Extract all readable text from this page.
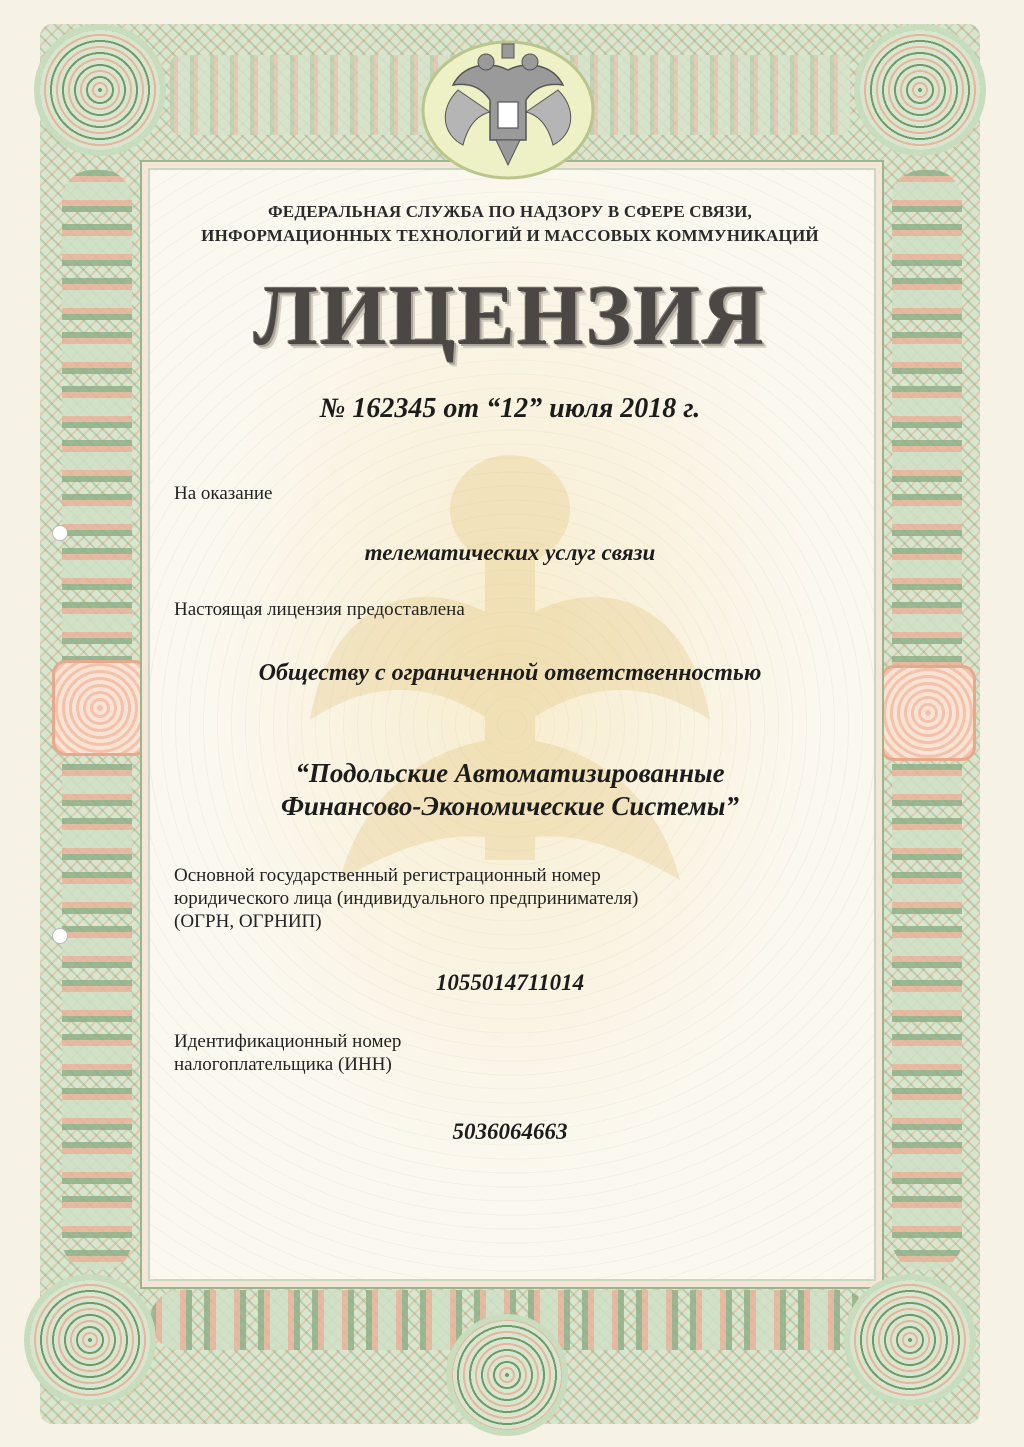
ФЕДЕРАЛЬНАЯ СЛУЖБА ПО НАДЗОРУ В СФЕРЕ СВЯЗИ,
ИНФОРМАЦИОННЫХ ТЕХНОЛОГИЙ И МАССОВЫХ КОММУНИКАЦИЙ
ЛИЦЕНЗИЯ
№ 162345 от “12” июля 2018 г.
На оказание
телематических услуг связи
Настоящая лицензия предоставлена
Обществу с ограниченной ответственностью
“Подольские Автоматизированные
Финансово-Экономические Системы”
Основной государственный регистрационный номер
юридического лица (индивидуального предпринимателя)
(ОГРН, ОГРНИП)
1055014711014
Идентификационный номер
налогоплательщика (ИНН)
5036064663
